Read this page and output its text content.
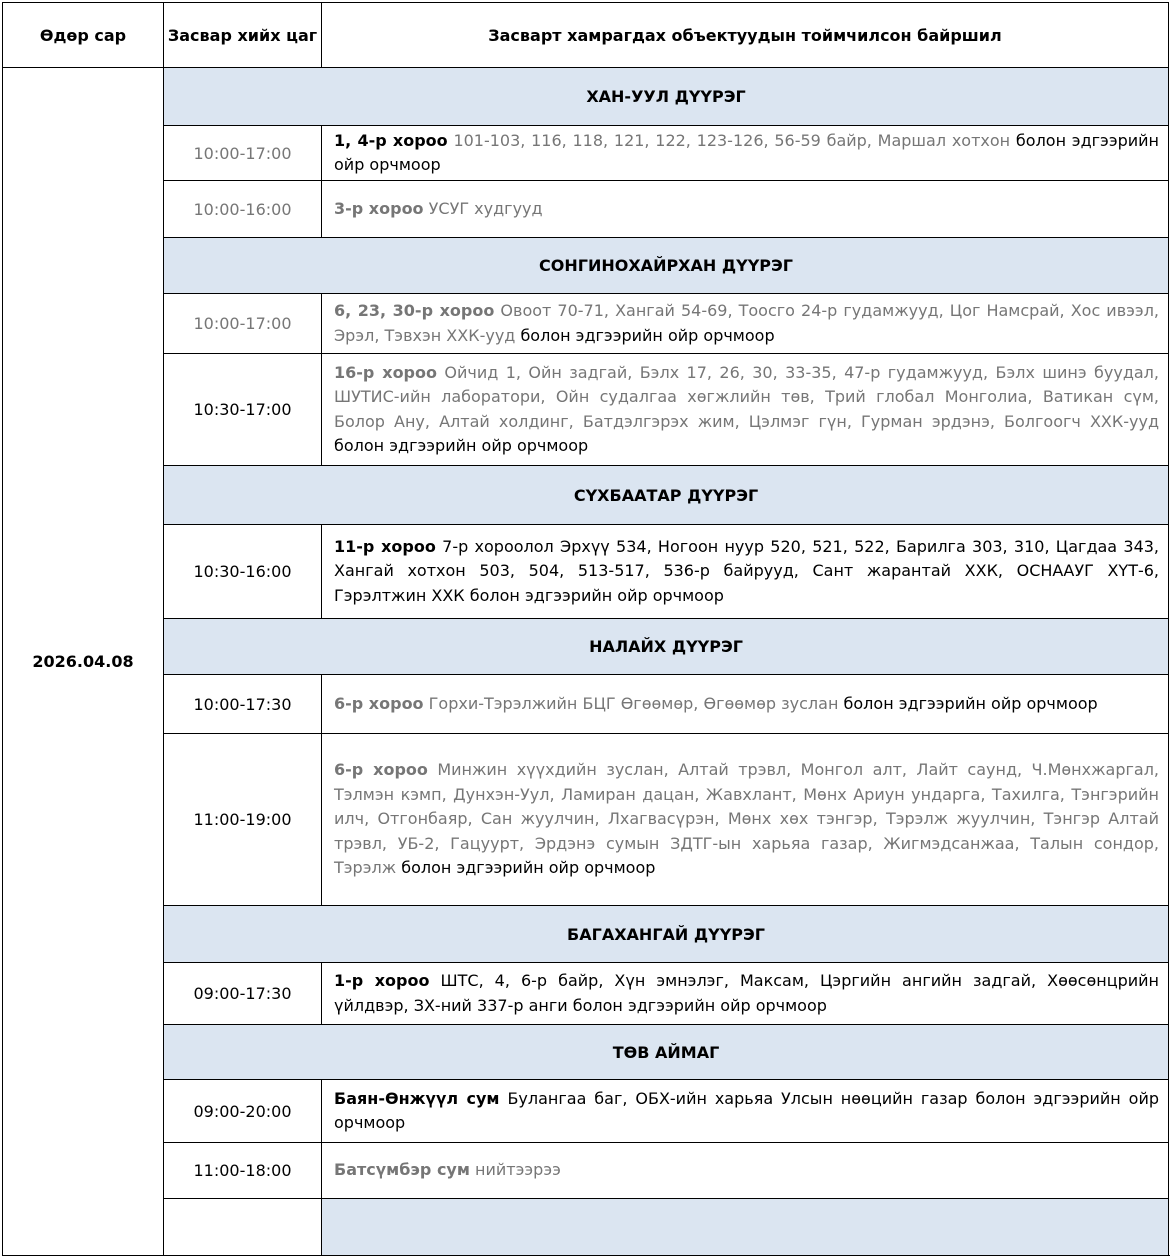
Өдөр сар	Засвар хийх цаг	Засварт хамрагдах объектуудын тоймчилсон байршил
2026.04.08	ХАН-УУЛ ДҮҮРЭГ	
	10:00-17:00	1, 4-р хороо 101-103, 116, 118, 121, 122, 123-126, 56-59 байр, Маршал хотхон болон эдгээрийн ойр орчмоор
	10:00-16:00	3-р хороо УСУГ худгууд
	СОНГИНОХАЙРХАН ДҮҮРЭГ	
	10:00-17:00	6, 23, 30-р хороо Овоот 70-71, Хангай 54-69, Тоосго 24-р гудамжууд, Цог Намсрай, Хос ивээл, Эрэл, Тэвхэн ХХК-ууд болон эдгээрийн ойр орчмоор
	10:30-17:00	16-р хороо Ойчид 1, Ойн задгай, Бэлх 17, 26, 30, 33-35, 47-р гудамжууд, Бэлх шинэ буудал, ШУТИС-ийн лаборатори, Ойн судалгаа хөгжлийн төв, Трий глобал Монголиа, Ватикан сүм, Болор Ану, Алтай холдинг, Батдэлгэрэх жим, Цэлмэг гүн, Гурман эрдэнэ, Болгоогч ХХК-ууд болон эдгээрийн ойр орчмоор
	СҮХБААТАР ДҮҮРЭГ	
	10:30-16:00	11-р хороо 7-р хороолол Эрхүү 534, Ногоон нуур 520, 521, 522, Барилга 303, 310, Цагдаа 343, Хангай хотхон 503, 504, 513-517, 536-р байрууд, Сант жарантай ХХК, ОСНААУГ ХҮТ-6, Гэрэлтжин ХХК болон эдгээрийн ойр орчмоор
	НАЛАЙХ ДҮҮРЭГ	
	10:00-17:30	6-р хороо Горхи-Тэрэлжийн БЦГ Өгөөмөр, Өгөөмөр зуслан болон эдгээрийн ойр орчмоор
	11:00-19:00	6-р хороо Минжин хүүхдийн зуслан, Алтай трэвл, Монгол алт, Лайт саунд, Ч.Мөнхжаргал, Тэлмэн кэмп, Дунхэн-Уул, Ламиран дацан, Жавхлант, Мөнх Ариун ундарга, Тахилга, Тэнгэрийн илч, Отгонбаяр, Сан жуулчин, Лхагвасүрэн, Мөнх хөх тэнгэр, Тэрэлж жуулчин, Тэнгэр Алтай трэвл, УБ-2, Гацуурт, Эрдэнэ сумын ЗДТГ-ын харьяа газар, Жигмэдсанжаа, Талын сондор, Тэрэлж болон эдгээрийн ойр орчмоор
	БАГАХАНГАЙ ДҮҮРЭГ	
	09:00-17:30	1-р хороо ШТС, 4, 6-р байр, Хүн эмнэлэг, Максам, Цэргийн ангийн задгай, Хөөсөнцрийн үйлдвэр, ЗХ-ний 337-р анги болон эдгээрийн ойр орчмоор
	ТӨВ АЙМАГ	
	09:00-20:00	Баян-Өнжүүл сум Булангаа баг, ОБХ-ийн харьяа Улсын нөөцийн газар болон эдгээрийн ойр орчмоор
	11:00-18:00	Батсүмбэр сум нийтээрээ
